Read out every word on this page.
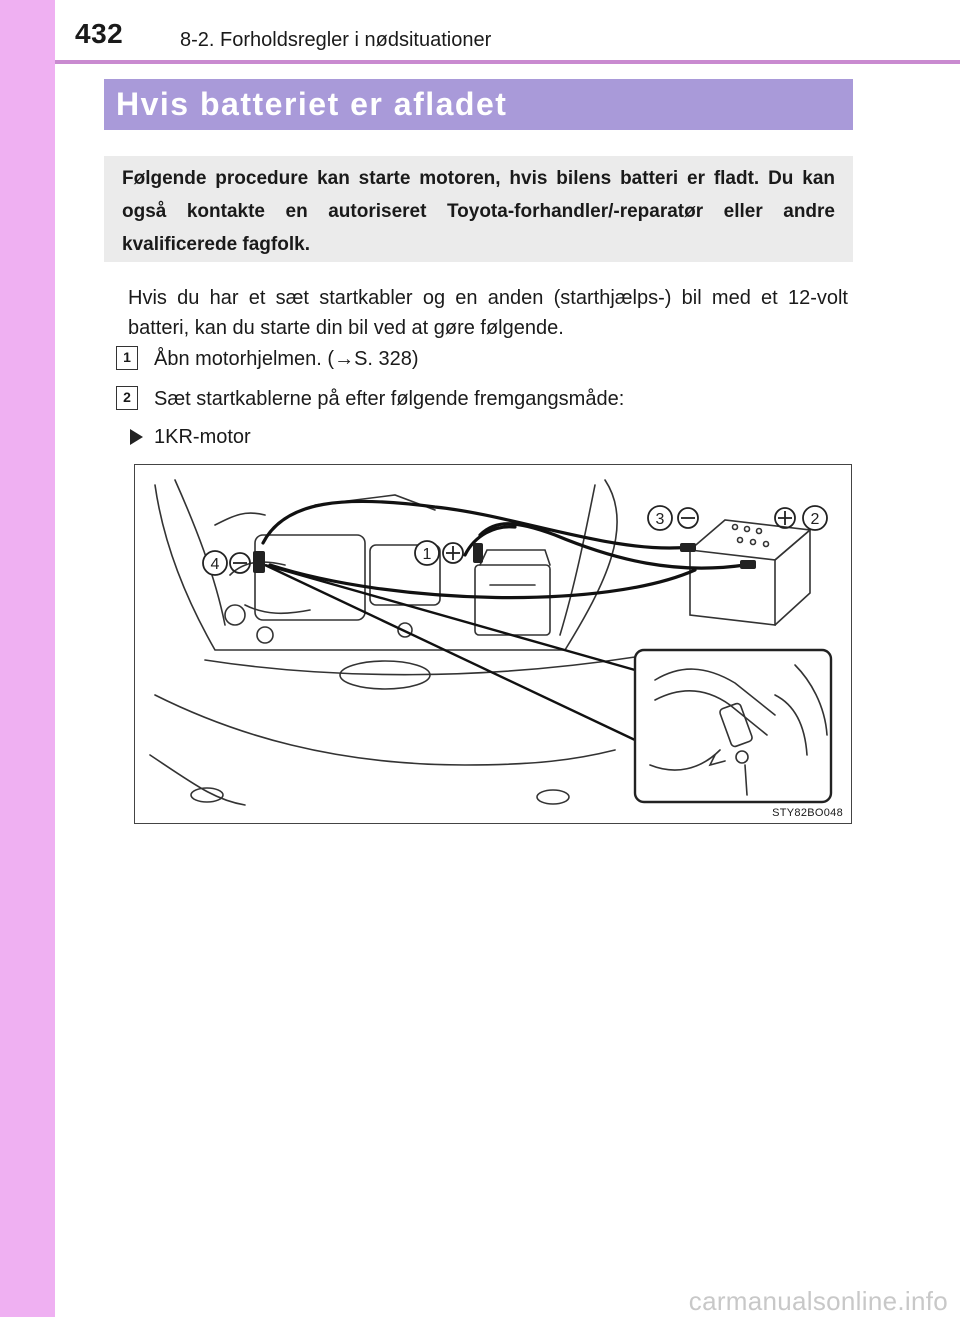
432	8-2. Forholdsregler i nødsituationer
Hvis batteriet er afladet

Følgende procedure kan starte motoren, hvis bilens batteri er fladt. Du kan også kontakte en autoriseret Toyota-forhandler/-reparatør eller andre kvalificerede fagfolk.

Hvis du har et sæt startkabler og en anden (starthjælps-) bil med et 12-volt batteri, kan du starte din bil ved at gøre følgende.

1	Åbn motorhjelmen. (→S. 328)
2	Sæt startkablerne på efter følgende fremgangsmåde:
1KR-motor
1
2
3
4
STY82BO048
carmanualsonline.info
